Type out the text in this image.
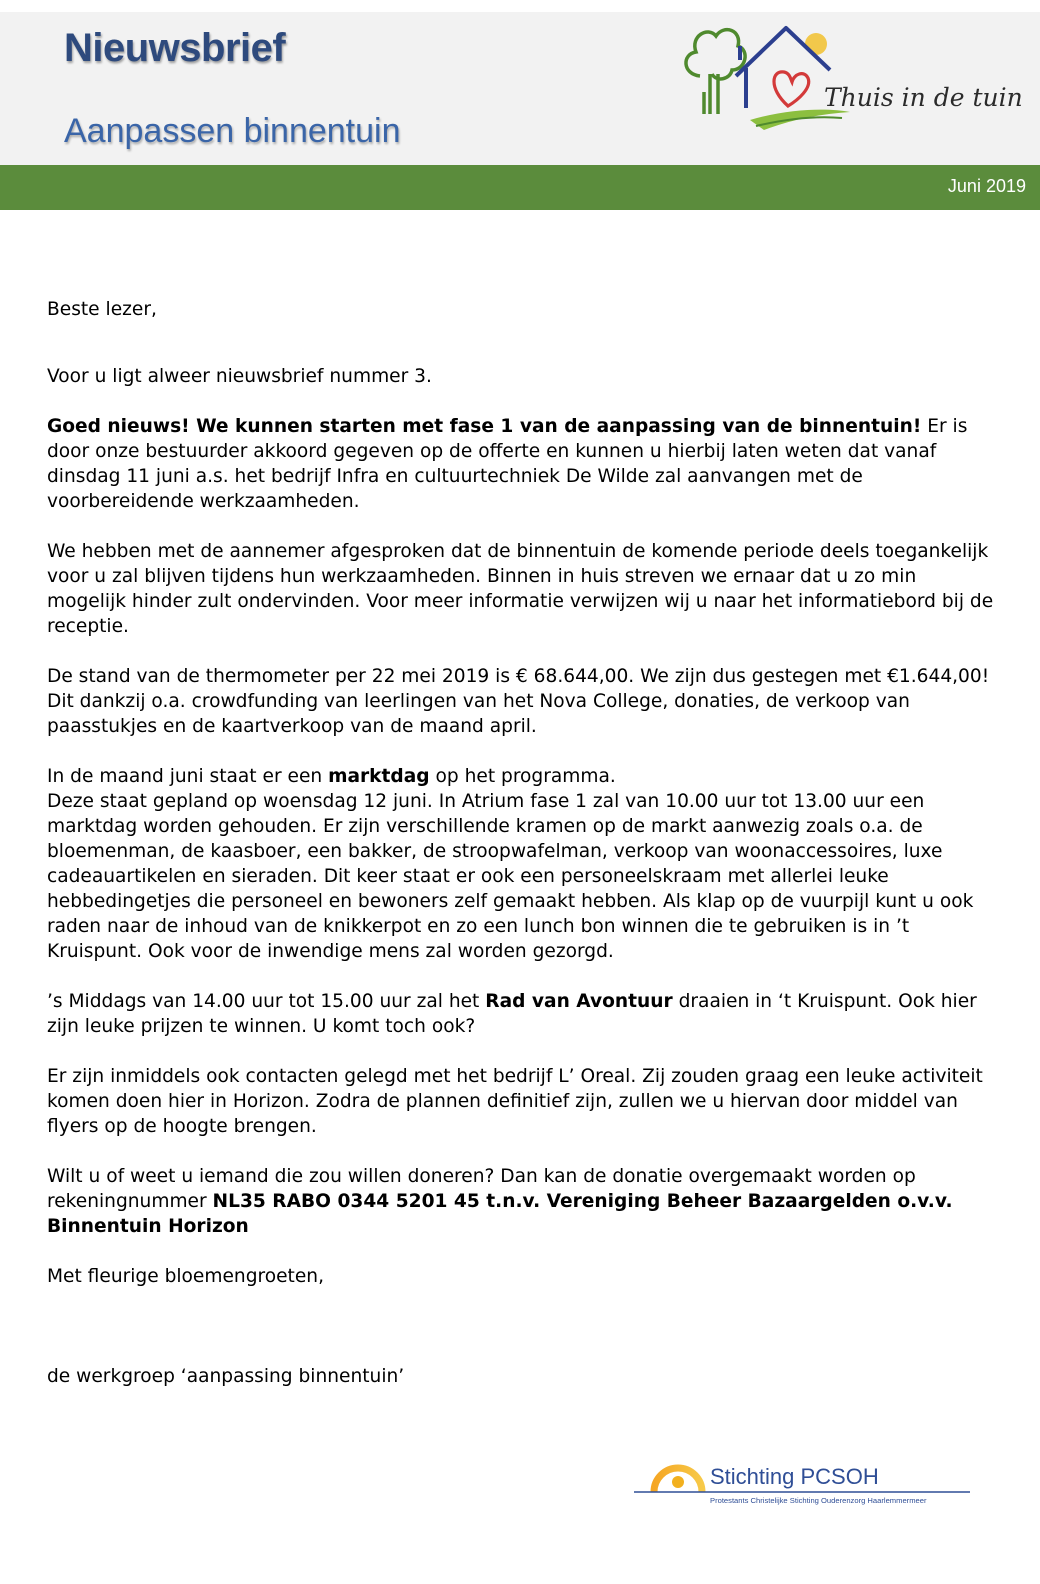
Nieuwsbrief
Aanpassen binnentuin
Thuis in de tuin
Juni 2019

Beste lezer,

Voor u ligt alweer nieuwsbrief nummer 3.

Goed nieuws! We kunnen starten met fase 1 van de aanpassing van de binnentuin! Er is door onze bestuurder akkoord gegeven op de offerte en kunnen u hierbij laten weten dat vanaf dinsdag 11 juni a.s. het bedrijf Infra en cultuurtechniek De Wilde zal aanvangen met de voorbereidende werkzaamheden.

We hebben met de aannemer afgesproken dat de binnentuin de komende periode deels toegankelijk voor u zal blijven tijdens hun werkzaamheden. Binnen in huis streven we ernaar dat u zo min mogelijk hinder zult ondervinden. Voor meer informatie verwijzen wij u naar het informatiebord bij de receptie.

De stand van de thermometer per 22 mei 2019 is € 68.644,00. We zijn dus gestegen met €1.644,00! Dit dankzij o.a. crowdfunding van leerlingen van het Nova College, donaties, de verkoop van paasstukjes en de kaartverkoop van de maand april.

In de maand juni staat er een marktdag op het programma.

Deze staat gepland op woensdag 12 juni. In Atrium fase 1 zal van 10.00 uur tot 13.00 uur een marktdag worden gehouden. Er zijn verschillende kramen op de markt aanwezig zoals o.a. de bloemenman, de kaasboer, een bakker, de stroopwafelman, verkoop van woonaccessoires, luxe cadeauartikelen en sieraden. Dit keer staat er ook een personeelskraam met allerlei leuke hebbedingetjes die personeel en bewoners zelf gemaakt hebben. Als klap op de vuurpijl kunt u ook raden naar de inhoud van de knikkerpot en zo een lunch bon winnen die te gebruiken is in ’t Kruispunt. Ook voor de inwendige mens zal worden gezorgd.

’s Middags van 14.00 uur tot 15.00 uur zal het Rad van Avontuur draaien in ‘t Kruispunt. Ook hier zijn leuke prijzen te winnen. U komt toch ook?

Er zijn inmiddels ook contacten gelegd met het bedrijf L’ Oreal. Zij zouden graag een leuke activiteit komen doen hier in Horizon. Zodra de plannen definitief zijn, zullen we u hiervan door middel van flyers op de hoogte brengen.

Wilt u of weet u iemand die zou willen doneren? Dan kan de donatie overgemaakt worden op rekeningnummer NL35 RABO 0344 5201 45 t.n.v. Vereniging Beheer Bazaargelden o.v.v. Binnentuin Horizon

Met fleurige bloemengroeten,

de werkgroep ‘aanpassing binnentuin’

Stichting PCSOH
Protestants Christelijke Stichting Ouderenzorg Haarlemmermeer
